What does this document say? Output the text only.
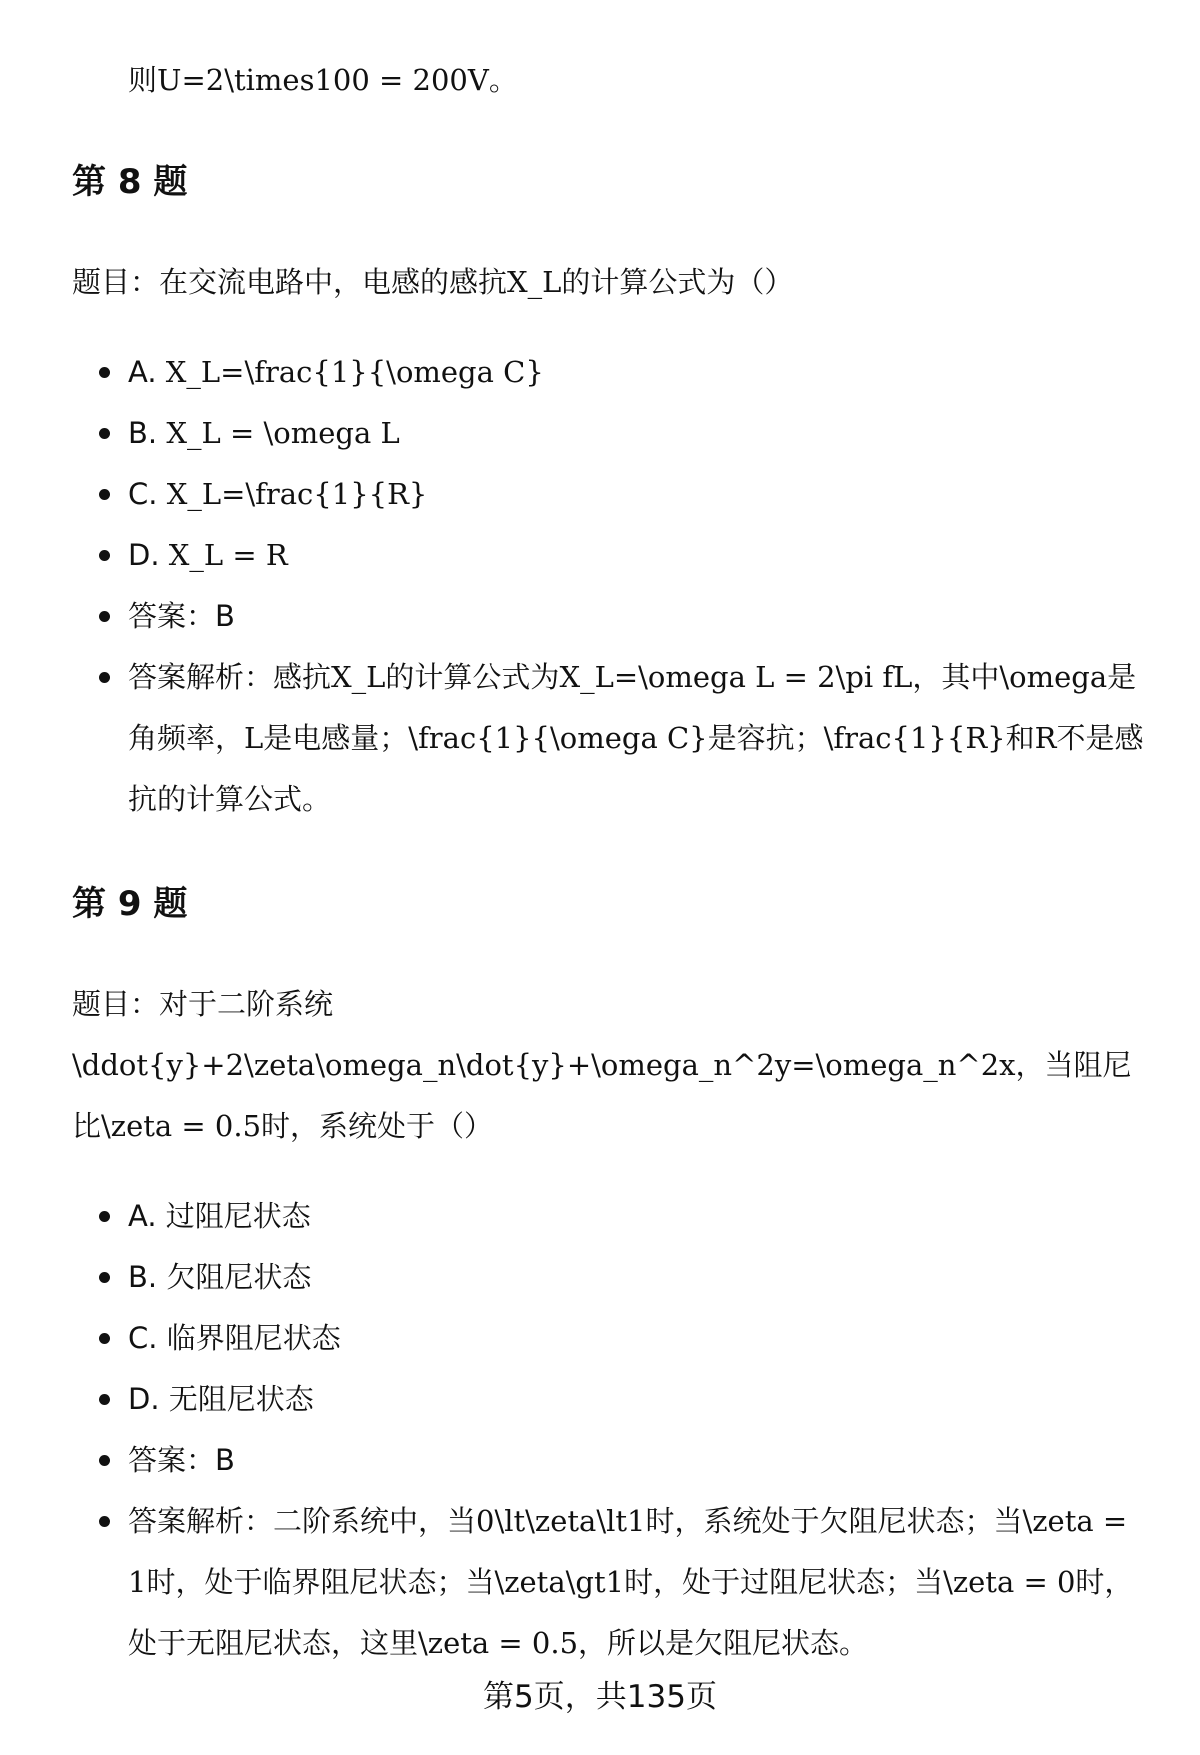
则U=2\times100 = 200V。
第 8 题

题目：在交流电路中，电感的感抗X_L的计算公式为（）

A. X_L=\frac{1}{\omega C}
B. X_L = \omega L
C. X_L=\frac{1}{R}
D. X_L = R
答案：B
答案解析：感抗X_L的计算公式为X_L=\omega L = 2\pi fL，其中\omega是角频率，L是电感量；\frac{1}{\omega C}是容抗；\frac{1}{R}和R不是感抗的计算公式。
第 9 题

题目：对于二阶系统\ddot{y}+2\zeta\omega_n\dot{y}+\omega_n^2y=\omega_n^2x，当阻尼比\zeta = 0.5时，系统处于（）

A. 过阻尼状态
B. 欠阻尼状态
C. 临界阻尼状态
D. 无阻尼状态
答案：B
答案解析：二阶系统中，当0\lt\zeta\lt1时，系统处于欠阻尼状态；当\zeta = 1时，处于临界阻尼状态；当\zeta\gt1时，处于过阻尼状态；当\zeta = 0时，处于无阻尼状态，这里\zeta = 0.5，所以是欠阻尼状态。
第5页，共135页
